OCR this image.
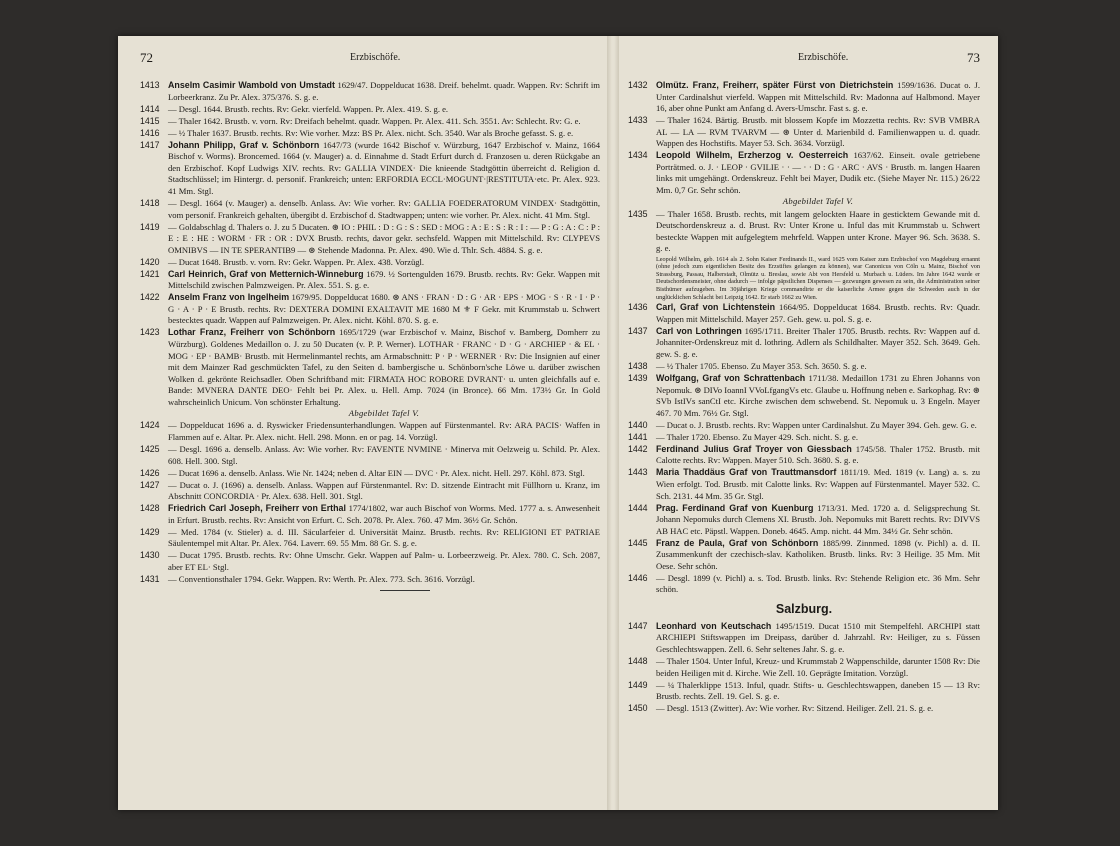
72	Erzbischöfe.

1413 Anselm Casimir Wambold von Umstadt 1629/47. Doppelducat 1638. Dreif. behelmt. quadr. Wappen. Rv: Schrift im Lorbeerkranz. Zu Pr. Alex. 375/376. S. g. e.

1414 — Desgl. 1644. Brustb. rechts. Rv: Gekr. vierfeld. Wappen. Pr. Alex. 419. S. g. e.

1415 — Thaler 1642. Brustb. v. vorn. Rv: Dreifach behelmt. quadr. Wappen. Pr. Alex. 411. Sch. 3551. Av: Schlecht. Rv: G. e.

1416 — ½ Thaler 1637. Brustb. rechts. Rv: Wie vorher. Mzz: BS Pr. Alex. nicht. Sch. 3540. War als Broche gefasst. S. g. e.

1417 Johann Philipp, Graf v. Schönborn 1647/73 (wurde 1642 Bischof v. Würzburg, 1647 Erzbischof v. Mainz, 1664 Bischof v. Worms). Broncemed. 1664 (v. Mauger) a. d. Einnahme d. Stadt Erfurt durch d. Franzosen u. deren Rückgabe an den Erzbischof. Kopf Ludwigs XIV. rechts. Rv: GALLIA VINDEX· Die knieende Stadtgöttin überreicht d. Religion d. Stadtschlüssel; im Hintergr. d. personif. Frankreich; unten: ERFORDIA ECCL·MOGUNT·|RESTITUTA·etc. Pr. Alex. 923. 41 Mm. Stgl.

1418 — Desgl. 1664 (v. Mauger) a. denselb. Anlass. Av: Wie vorher. Rv: GALLIA FOEDERATORUM VINDEX· Stadtgöttin, vom personif. Frankreich gehalten, übergibt d. Erzbischof d. Stadtwappen; unten: wie vorher. Pr. Alex. nicht. 41 Mm. Stgl.

1419 — Goldabschlag d. Thalers o. J. zu 5 Ducaten. ⊛ IO : PHIL : D : G : S : SED : MOG : A : E : S : R : I : — P : G : A : C : P : E : E : HE : WORM · FR : OR : DVX Brustb. rechts, davor gekr. sechsfeld. Wappen mit Mittelschild. Rv: CLYPEVS OMNIBVS — IN TE SPERANTIB9 — ⊛ Stehende Madonna. Pr. Alex. 490. Wie d. Thlr. Sch. 4884. S. g. e.

1420 — Ducat 1648. Brustb. v. vorn. Rv: Gekr. Wappen. Pr. Alex. 438. Vorzügl.

1421 Carl Heinrich, Graf von Metternich-Winneburg 1679. ½ Sortengulden 1679. Brustb. rechts. Rv: Gekr. Wappen mit Mittelschild zwischen Palmzweigen. Pr. Alex. 551. S. g. e.

1422 Anselm Franz von Ingelheim 1679/95. Doppelducat 1680. ⊛ ANS · FRAN · D : G · AR · EPS · MOG · S · R · I · P · G · A · P · E Brustb. rechts. Rv: DEXTERA DOMINI EXALTAVIT ME 1680 M ⚜ F Gekr. mit Krummstab u. Schwert bestecktes quadr. Wappen auf Palmzweigen. Pr. Alex. nicht. Köhl. 870. S. g. e.

1423 Lothar Franz, Freiherr von Schönborn 1695/1729 (war Erzbischof v. Mainz, Bischof v. Bamberg, Domherr zu Würzburg). Goldenes Medaillon o. J. zu 50 Ducaten (v. P. P. Werner). LOTHAR · FRANC · D · G · ARCHIEP · & EL · MOG · EP · BAMB· Brustb. mit Hermelinmantel rechts, am Armabschnitt: P · P · WERNER · Rv: Die Insignien auf einer mit dem Mainzer Rad geschmückten Tafel, zu den Seiten d. bambergische u. Schönborn'sche Löwe u. darüber zwischen Wolken d. gekrönte Reichsadler. Oben Schriftband mit: FIRMATA HOC ROBORE DVRANT· u. unten gleichfalls auf e. Bande: MVNERA DANTE DEO· Fehlt bei Pr. Alex. u. Hell. Amp. 7024 (in Bronce). 66 Mm. 173½ Gr. In Gold wahrscheinlich Unicum. Von schönster Erhaltung.
Abgebildet Tafel V.

1424 — Doppelducat 1696 a. d. Ryswicker Friedensunterhandlungen. Wappen auf Fürstenmantel. Rv: ARA PACIS· Waffen in Flammen auf e. Altar. Pr. Alex. nicht. Hell. 298. Monn. en or pag. 14. Vorzügl.

1425 — Desgl. 1696 a. denselb. Anlass. Av: Wie vorher. Rv: FAVENTE NVMINE · Minerva mit Oelzweig u. Schild. Pr. Alex. 608. Hell. 300. Stgl.

1426 — Ducat 1696 a. denselb. Anlass. Wie Nr. 1424; neben d. Altar EIN — DVC · Pr. Alex. nicht. Hell. 297. Köhl. 873. Stgl.

1427 — Ducat o. J. (1696) a. denselb. Anlass. Wappen auf Fürstenmantel. Rv: D. sitzende Eintracht mit Füllhorn u. Kranz, im Abschnitt CONCORDIA · Pr. Alex. 638. Hell. 301. Stgl.

1428 Friedrich Carl Joseph, Freiherr von Erthal 1774/1802, war auch Bischof von Worms. Med. 1777 a. s. Anwesenheit in Erfurt. Brustb. rechts. Rv: Ansicht von Erfurt. C. Sch. 2078. Pr. Alex. 760. 47 Mm. 36½ Gr. Schön.

1429 — Med. 1784 (v. Stieler) a. d. III. Säcularfeier d. Universität Mainz. Brustb. rechts. Rv: RELIGIONI ET PATRIAE Säulentempel mit Altar. Pr. Alex. 764. Laverr. 69. 55 Mm. 88 Gr. S. g. e.

1430 — Ducat 1795. Brustb. rechts. Rv: Ohne Umschr. Gekr. Wappen auf Palm- u. Lorbeerzweig. Pr. Alex. 780. C. Sch. 2087, aber ET EL· Stgl.

1431 — Conventionsthaler 1794. Gekr. Wappen. Rv: Werth. Pr. Alex. 773. Sch. 3616. Vorzügl.

Erzbischöfe.	73

1432 Olmütz. Franz, Freiherr, später Fürst von Dietrichstein 1599/1636. Ducat o. J. Unter Cardinalshut vierfeld. Wappen mit Mittelschild. Rv: Madonna auf Halbmond. Mayer 16, aber ohne Punkt am Anfang d. Avers-Umschr. Fast s. g. e.

1433 — Thaler 1624. Bärtig. Brustb. mit blossem Kopfe im Mozzetta rechts. Rv: SVB VMBRA AL — LA — RVM TVARVM — ⊛ Unter d. Marienbild d. Familienwappen u. d. quadr. Wappen des Hochstifts. Mayer 53. Sch. 3634. Vorzügl.

1434 Leopold Wilhelm, Erzherzog v. Oesterreich 1637/62. Einseit. ovale getriebene Porträtmed. o. J. · LEOP · GVILIE · · — · · D : G · ARC · AVS · Brustb. m. langen Haaren links mit umgehängt. Ordenskreuz. Fehlt bei Mayer, Dudik etc. (Siehe Mayer Nr. 115.) 26/22 Mm. 0,7 Gr. Sehr schön.
Abgebildet Tafel V.

1435 — Thaler 1658. Brustb. rechts, mit langem gelockten Haare in gesticktem Gewande mit d. Deutschordenskreuz a. d. Brust. Rv: Unter Krone u. Inful das mit Krummstab u. Schwert besteckte Wappen mit aufgelegtem mehrfeld. Wappen unter Krone. Mayer 96. Sch. 3638. S. g. e.
Leopold Wilhelm, geb. 1614 als 2. Sohn Kaiser Ferdinands II., ward 1625 vom Kaiser zum Erzbischof von Magdeburg ernannt (ohne jedoch zum eigentlichen Besitz des Erzstiftes gelangen zu können), war Canonicus von Cöln u. Mainz, Bischof von Strassburg, Passau, Halberstadt, Olmütz u. Breslau, sowie Abt von Hersfeld u. Murbach u. Lüders. Im Jahre 1642 wurde er Deutschordensmeister, ohne dadurch — infolge päpstlichen Dispenses — gezwungen gewesen zu sein, die Administration seiner Bisthümer aufzugeben. Im 30jährigen Kriege commandirte er die kaiserliche Armee gegen die Schweden auch in der unglücklichen Schlacht bei Leipzig 1642. Er starb 1662 zu Wien.

1436 Carl, Graf von Lichtenstein 1664/95. Doppelducat 1684. Brustb. rechts. Rv: Quadr. Wappen mit Mittelschild. Mayer 257. Geh. gew. u. pol. S. g. e.

1437 Carl von Lothringen 1695/1711. Breiter Thaler 1705. Brustb. rechts. Rv: Wappen auf d. Johanniter-Ordenskreuz mit d. lothring. Adlern als Schildhalter. Mayer 352. Sch. 3649. Geh. gew. S. g. e.

1438 — ½ Thaler 1705. Ebenso. Zu Mayer 353. Sch. 3650. S. g. e.

1439 Wolfgang, Graf von Schrattenbach 1711/38. Medaillon 1731 zu Ehren Johanns von Nepomuk. ⊛ DIVo IoannI VVoLfgangVs etc. Glaube u. Hoffnung neben e. Sarkophag. Rv: ⊛ SVb IstIVs sanCtI etc. Kirche zwischen dem schwebend. St. Nepomuk u. 3 Engeln. Mayer 467. 70 Mm. 76½ Gr. Stgl.

1440 — Ducat o. J. Brustb. rechts. Rv: Wappen unter Cardinalshut. Zu Mayer 394. Geh. gew. G. e.

1441 — Thaler 1720. Ebenso. Zu Mayer 429. Sch. nicht. S. g. e.

1442 Ferdinand Julius Graf Troyer von Giessbach 1745/58. Thaler 1752. Brustb. mit Calotte rechts. Rv: Wappen. Mayer 510. Sch. 3680. S. g. e.

1443 Maria Thaddäus Graf von Trauttmansdorf 1811/19. Med. 1819 (v. Lang) a. s. zu Wien erfolgt. Tod. Brustb. mit Calotte links. Rv: Wappen auf Fürstenmantel. Mayer 532. C. Sch. 2131. 44 Mm. 35 Gr. Stgl.

1444 Prag. Ferdinand Graf von Kuenburg 1713/31. Med. 1720 a. d. Seligsprechung St. Johann Nepomuks durch Clemens XI. Brustb. Joh. Nepomuks mit Barett rechts. Rv: DIVVS AB HAC etc. Päpstl. Wappen. Doneb. 4645. Amp. nicht. 44 Mm. 34½ Gr. Sehr schön.

1445 Franz de Paula, Graf von Schönborn 1885/99. Zinnmed. 1898 (v. Pichl) a. d. II. Zusammenkunft der czechisch-slav. Katholiken. Brustb. links. Rv: 3 Heilige. 35 Mm. Mit Oese. Sehr schön.

1446 — Desgl. 1899 (v. Pichl) a. s. Tod. Brustb. links. Rv: Stehende Religion etc. 36 Mm. Sehr schön.

Salzburg.

1447 Leonhard von Keutschach 1495/1519. Ducat 1510 mit Stempelfehl. ARCHIPI statt ARCHIEPI Stiftswappen im Dreipass, darüber d. Jahrzahl. Rv: Heiliger, zu s. Füssen Geschlechtswappen. Zell. 6. Sehr seltenes Jahr. S. g. e.

1448 — Thaler 1504. Unter Inful, Kreuz- und Krummstab 2 Wappenschilde, darunter 1508 Rv: Die beiden Heiligen mit d. Kirche. Wie Zell. 10. Geprägte Imitation. Vorzügl.

1449 — ¼ Thalerklippe 1513. Inful, quadr. Stifts- u. Geschlechtswappen, daneben 15 — 13 Rv: Brustb. rechts. Zell. 19. Gel. S. g. e.

1450 — Desgl. 1513 (Zwitter). Av: Wie vorher. Rv: Sitzend. Heiliger. Zell. 21. S. g. e.
